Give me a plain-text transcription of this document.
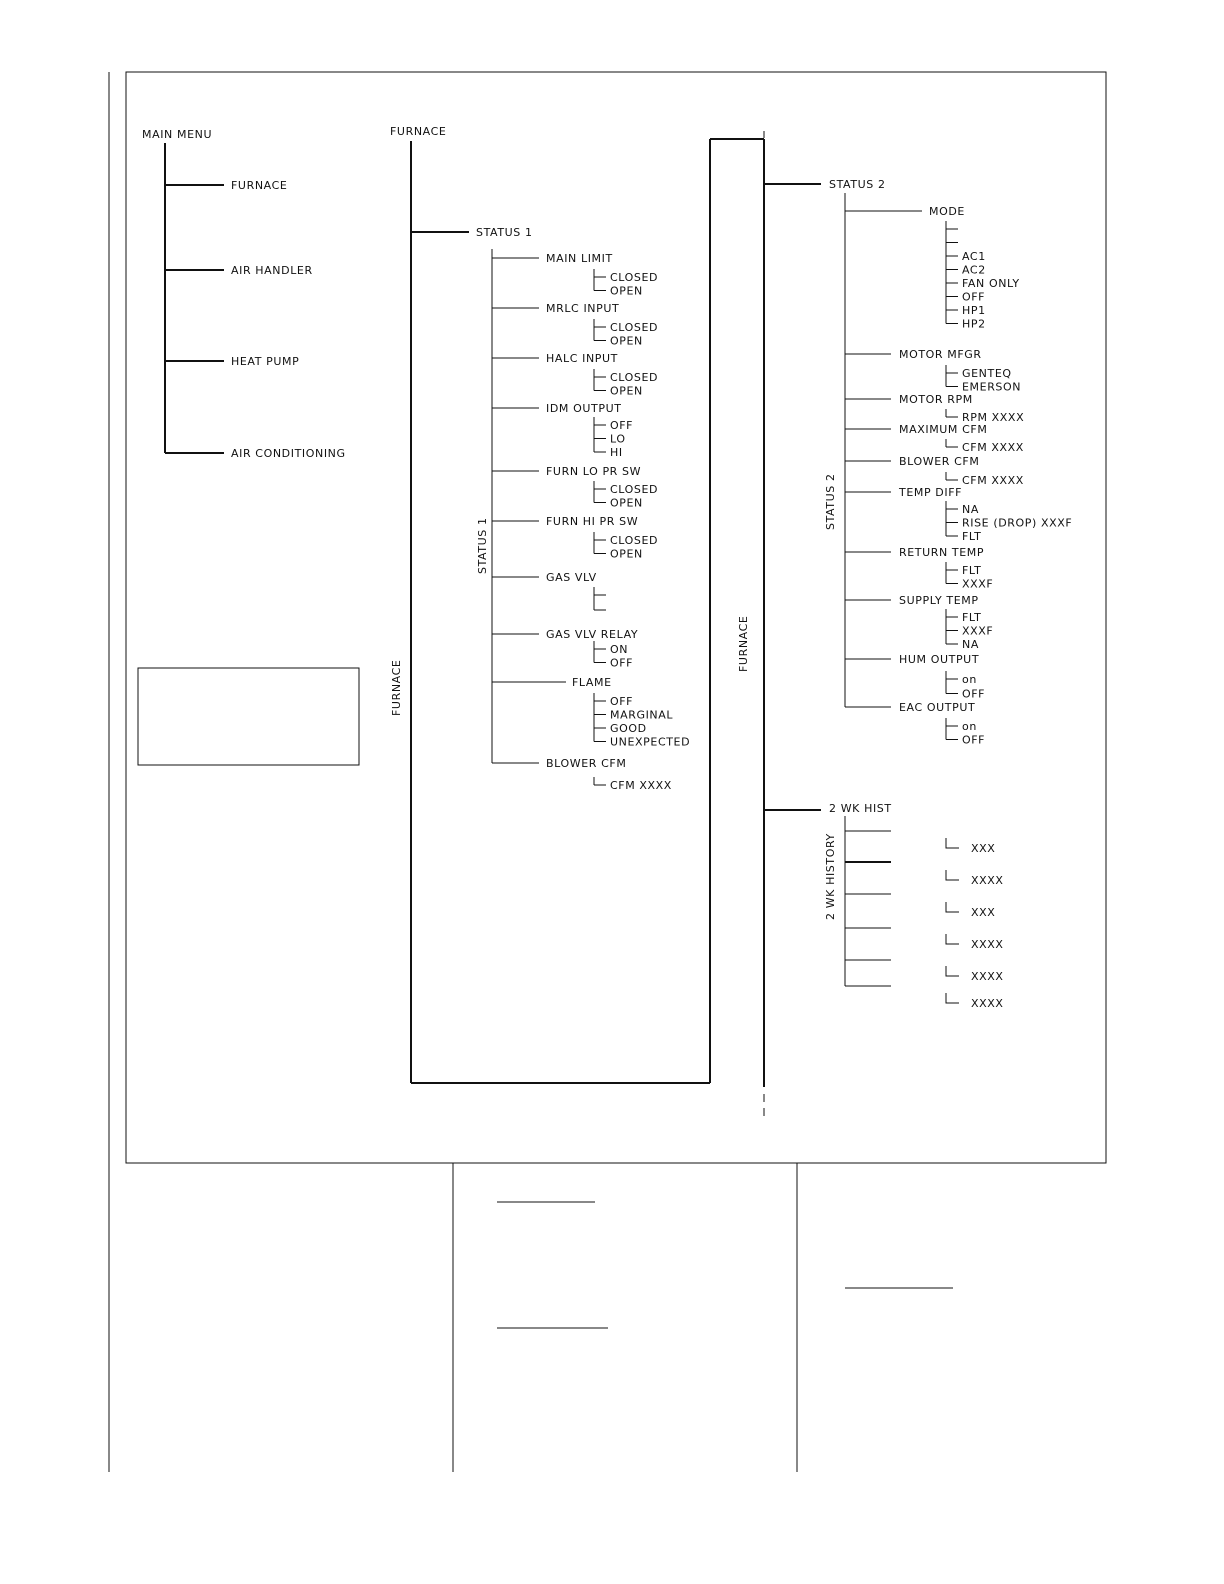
MAIN MENU
FURNACE
AIR HANDLER
HEAT PUMP
AIR CONDITIONING
FURNACE
FURNACE
STATUS 1
STATUS 1
MAIN LIMIT
CLOSED
OPEN
MRLC INPUT
CLOSED
OPEN
HALC INPUT
CLOSED
OPEN
IDM OUTPUT
OFF
LO
HI
FURN LO PR SW
CLOSED
OPEN
FURN HI PR SW
CLOSED
OPEN
GAS VLV
GAS VLV RELAY
ON
OFF
FLAME
OFF
MARGINAL
GOOD
UNEXPECTED
BLOWER CFM
CFM XXXX
FURNACE
STATUS 2
STATUS 2
MODE
AC1
AC2
FAN ONLY
OFF
HP1
HP2
MOTOR MFGR
GENTEQ
EMERSON
MOTOR RPM
RPM XXXX
MAXIMUM CFM
CFM XXXX
BLOWER CFM
CFM XXXX
TEMP DIFF
NA
RISE (DROP) XXXF
FLT
RETURN TEMP
FLT
XXXF
SUPPLY TEMP
FLT
XXXF
NA
HUM OUTPUT
on
OFF
EAC OUTPUT
on
OFF
2 WK HIST
2 WK HISTORY	XXX
XXXX
XXX
XXXX
XXXX
XXXX
